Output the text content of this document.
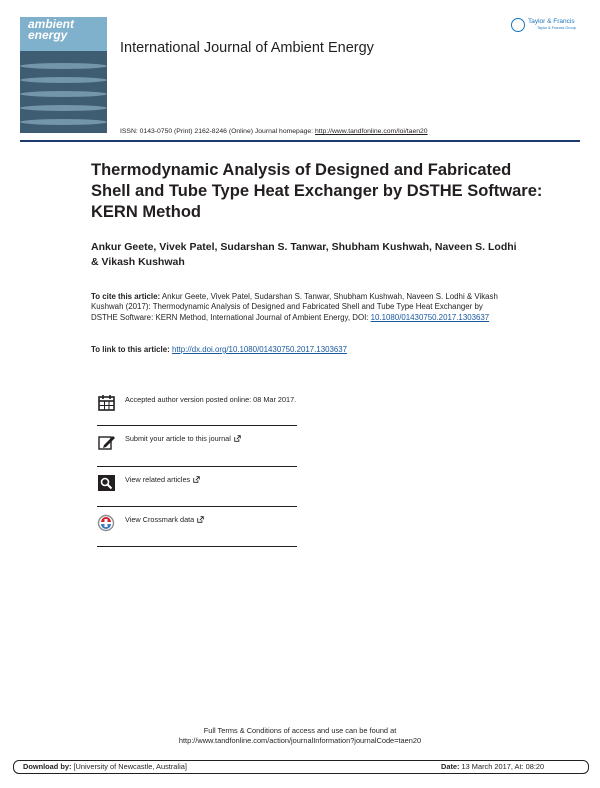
ambient
energy
International Journal of Ambient Energy
Taylor & Francis
Taylor & Francis Group
ISSN: 0143-0750 (Print) 2162-8246 (Online) Journal homepage: http://www.tandfonline.com/loi/taen20
Thermodynamic Analysis of Designed and Fabricated Shell and Tube Type Heat Exchanger by DSTHE Software: KERN Method
Ankur Geete, Vivek Patel, Sudarshan S. Tanwar, Shubham Kushwah, Naveen S. Lodhi & Vikash Kushwah
To cite this article: Ankur Geete, Vivek Patel, Sudarshan S. Tanwar, Shubham Kushwah, Naveen S. Lodhi & Vikash Kushwah (2017): Thermodynamic Analysis of Designed and Fabricated Shell and Tube Type Heat Exchanger by DSTHE Software: KERN Method, International Journal of Ambient Energy, DOI: 10.1080/01430750.2017.1303637
To link to this article: http://dx.doi.org/10.1080/01430750.2017.1303637
Accepted author version posted online: 08 Mar 2017.
Submit your article to this journal
View related articles
View Crossmark data
Full Terms & Conditions of access and use can be found at
http://www.tandfonline.com/action/journalInformation?journalCode=taen20
Download by: [University of Newcastle, Australia]	Date: 13 March 2017, At: 08:20
